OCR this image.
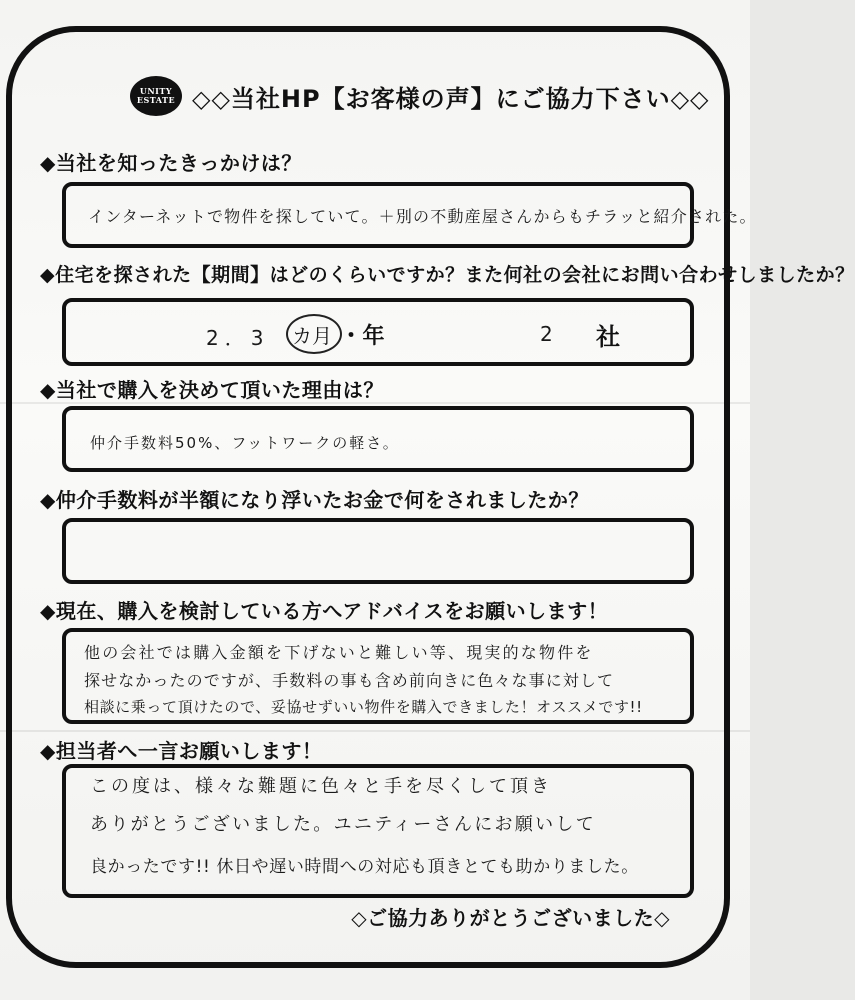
UNITY
ESTATE ◇◇当社HP【お客様の声】にご協力下さい◇◇
◆当社を知ったきっかけは？
インターネットで物件を探していて。＋別の不動産屋さんからもチラッと紹介された。
◆住宅を探された【期間】はどのくらいですか？また何社の会社にお問い合わせしましたか？
2．3 カ月 ・年	2 社
◆当社で購入を決めて頂いた理由は？
仲介手数料50%、フットワークの軽さ。
◆仲介手数料が半額になり浮いたお金で何をされましたか？
◆現在、購入を検討している方へアドバイスをお願いします！
他の会社では購入金額を下げないと難しい等、現実的な物件を
探せなかったのですが、手数料の事も含め前向きに色々な事に対して
相談に乗って頂けたので、妥協せずいい物件を購入できました！オススメです!!
◆担当者へ一言お願いします！
この度は、様々な難題に色々と手を尽くして頂き
ありがとうございました。ユニティーさんにお願いして
良かったです!! 休日や遅い時間への対応も頂きとても助かりました。
◇ご協力ありがとうございました◇
